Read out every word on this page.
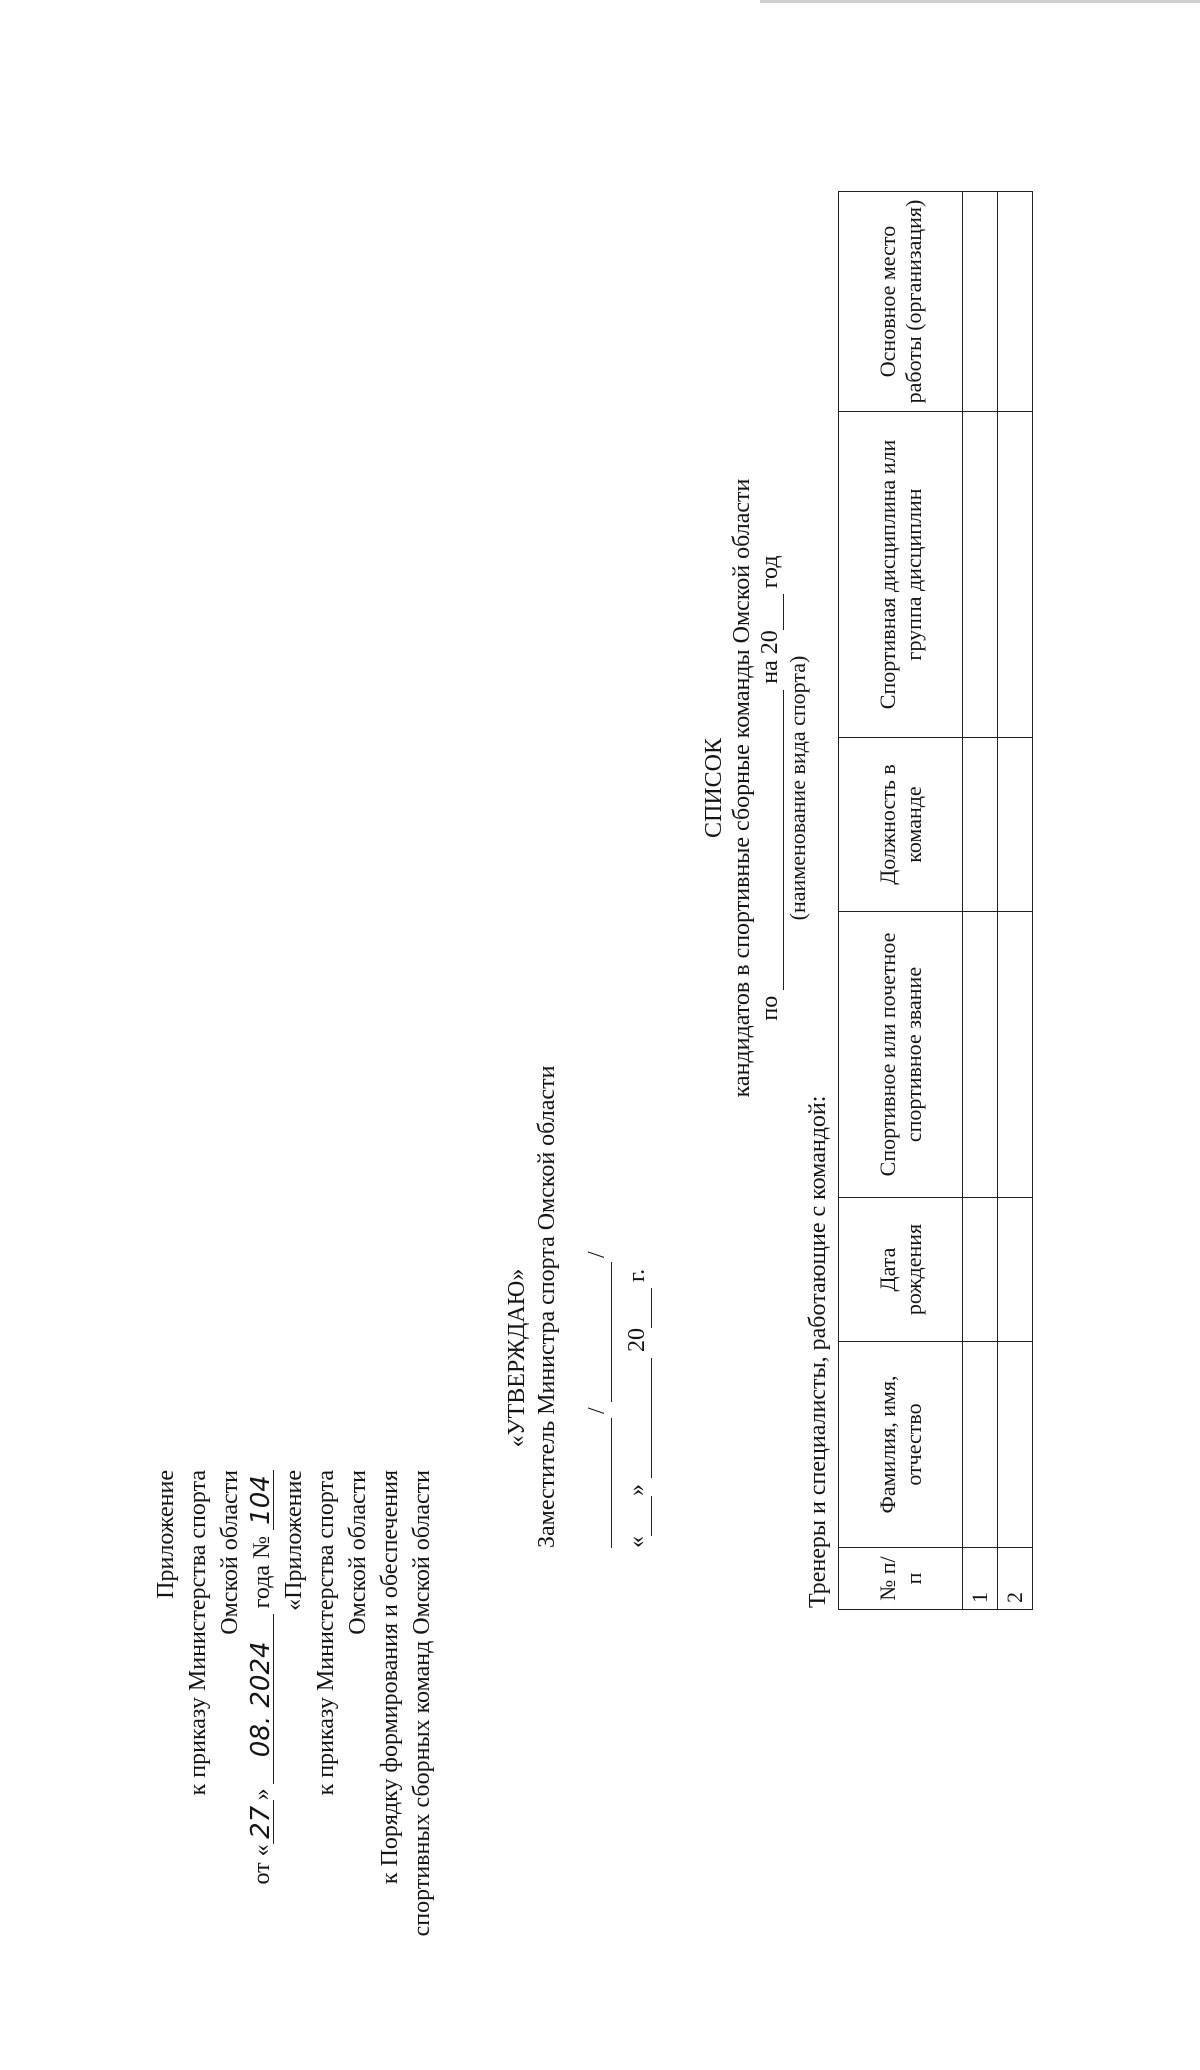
Приложение к приказу Министерства спорта Омской области
от «27»08. 2024 года № 104 «Приложение к приказу Министерства спорта Омской области к Порядку формирования и обеспечения спортивных сборных команд Омской области
«УТВЕРЖДАЮ» Заместитель Министра спорта Омской области /
/
«»  20 г.
СПИСОК кандидатов в спортивные сборные команды Омской области по  на 20 год
(наименование вида спорта)
Тренеры и специалисты, работающие с командой: № п/п	Фамилия, имя, отчество	Дата рождения	Спортивное или почетное спортивное звание	Должность в команде	Спортивная дисциплина или группа дисциплин	Основное место работы (организация)
1						
2						
